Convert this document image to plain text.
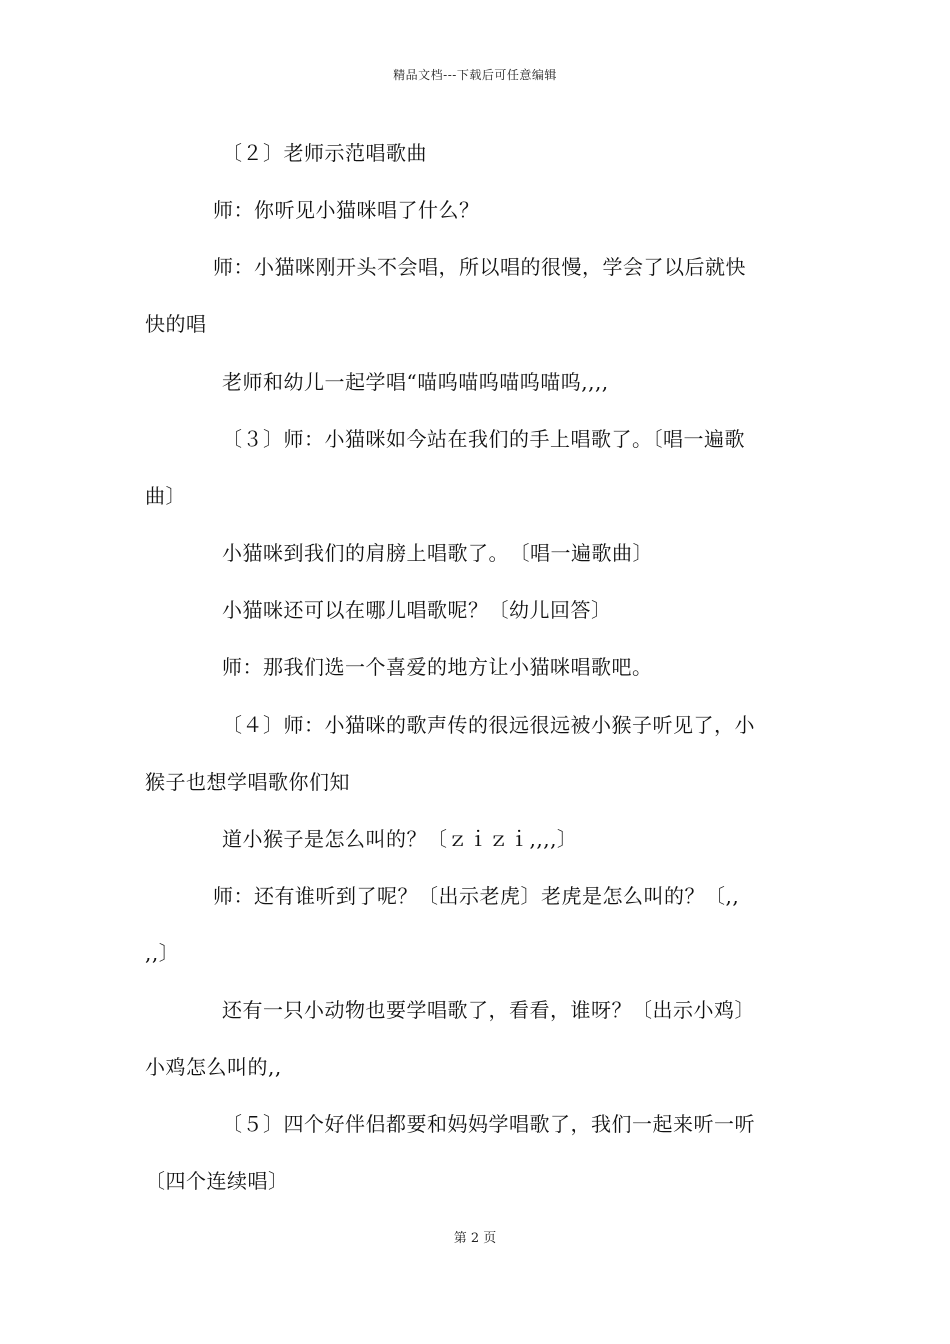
精品文档---下载后可任意编辑
〔２〕老师示范唱歌曲
师：你听见小猫咪唱了什么？
师：小猫咪刚开头不会唱，所以唱的很慢，学会了以后就快
快的唱
老师和幼儿一起学唱“喵呜喵呜喵呜喵呜,,,,
〔３〕师：小猫咪如今站在我们的手上唱歌了。〔唱一遍歌
曲〕
小猫咪到我们的肩膀上唱歌了。　〔唱一遍歌曲〕
小猫咪还可以在哪儿唱歌呢？〔幼儿回答〕
师：那我们选一个喜爱的地方让小猫咪唱歌吧。
〔４〕师：小猫咪的歌声传的很远很远被小猴子听见了，小
猴子也想学唱歌你们知
道小猴子是怎么叫的？〔ｚｉｚｉ,,,,〕
师：还有谁听到了呢？〔出示老虎〕老虎是怎么叫的？〔,,
,,〕
还有一只小动物也要学唱歌了，看看，谁呀？〔出示小鸡〕
小鸡怎么叫的,,
〔５〕四个好伴侣都要和妈妈学唱歌了，我们一起来听一听
〔四个连续唱〕
第 2 页
